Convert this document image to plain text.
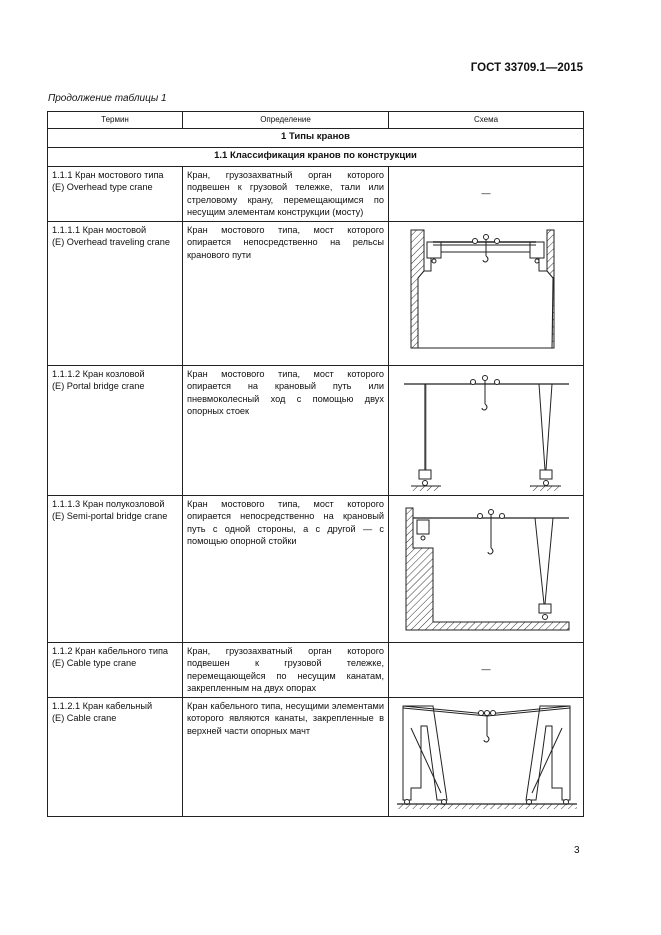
ГОСТ 33709.1—2015
Продолжение таблицы 1
Термин	Определение	Схема
1 Типы кранов		
1.1 Классификация кранов по конструкции		
1.1.1 Кран мостового типа
(E) Overhead type crane	Кран, грузозахватный орган которого подвешен к грузовой тележке, тали или стреловому крану, перемещающимся по несущим элементам конструкции (мосту)	—
1.1.1.1 Кран мостовой
(E) Overhead traveling crane	Кран мостового типа, мост которого опирается непосредственно на рельсы кранового пути	

1.1.1.2 Кран козловой
(E) Portal bridge crane	Кран мостового типа, мост которого опирается на крановый путь или пневмоколесный ход с помощью двух опорных стоек	

1.1.1.3 Кран полукозловой
(E) Semi-portal bridge crane	Кран мостового типа, мост которого опирается непосредственно на крановый путь с одной стороны, а с другой — с помощью опорной стойки	

1.1.2 Кран кабельного типа
(E) Cable type crane	Кран, грузозахватный орган которого подвешен к грузовой тележке, перемещающейся по несущим канатам, закрепленным на двух опорах	—
1.1.2.1 Кран кабельный
(E) Cable crane	Кран кабельного типа, несущими элементами которого являются канаты, закрепленные в верхней части опорных мачт	
3
